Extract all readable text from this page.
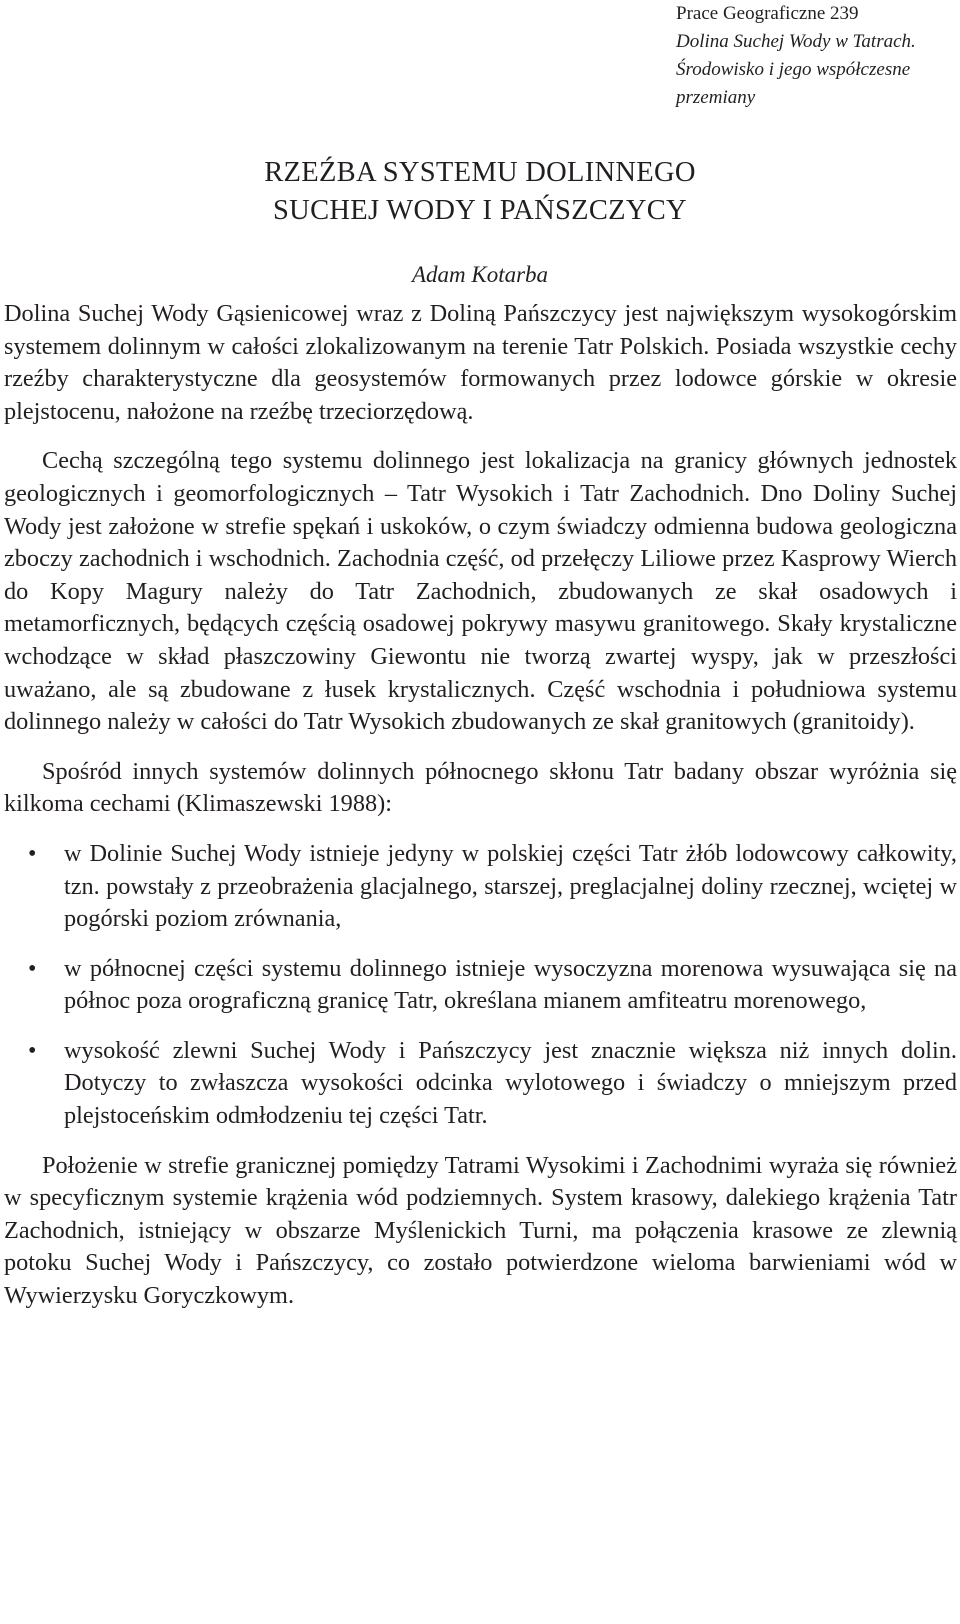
Prace Geograficzne 239
Dolina Suchej Wody w Tatrach.
Środowisko i jego współczesne
przemiany
RZEŹBA SYSTEMU DOLINNEGO
SUCHEJ WODY I PAŃSZCZYCY
Adam Kotarba

Dolina Suchej Wody Gąsienicowej wraz z Doliną Pańszczycy jest największym wysokogórskim systemem dolinnym w całości zlokalizowanym na terenie Tatr Polskich. Posiada wszystkie cechy rzeźby charakterystyczne dla geosystemów formowanych przez lodowce górskie w okresie plejstocenu, nałożone na rzeźbę trzeciorzędową.

Cechą szczególną tego systemu dolinnego jest lokalizacja na granicy głównych jednostek geologicznych i geomorfologicznych – Tatr Wysokich i Tatr Zachodnich. Dno Doliny Suchej Wody jest założone w strefie spękań i uskoków, o czym świadczy odmienna budowa geologiczna zboczy zachodnich i wschodnich. Zachodnia część, od przełęczy Liliowe przez Kasprowy Wierch do Kopy Magury należy do Tatr Zachodnich, zbudowanych ze skał osadowych i metamorficznych, będących częścią osadowej pokrywy masywu granitowego. Skały krystaliczne wchodzące w skład płaszczowiny Giewontu nie tworzą zwartej wyspy, jak w przeszłości uważano, ale są zbudowane z łusek krystalicznych. Część wschodnia i południowa systemu dolinnego należy w całości do Tatr Wysokich zbudowanych ze skał granitowych (granitoidy).

Spośród innych systemów dolinnych północnego skłonu Tatr badany obszar wyróżnia się kilkoma cechami (Klimaszewski 1988):

• w Dolinie Suchej Wody istnieje jedyny w polskiej części Tatr żłób lodowcowy całkowity, tzn. powstały z przeobrażenia glacjalnego, starszej, preglacjalnej doliny rzecznej, wciętej w pogórski poziom zrównania,
• w północnej części systemu dolinnego istnieje wysoczyzna morenowa wysuwająca się na północ poza orograficzną granicę Tatr, określana mianem amfiteatru morenowego,
• wysokość zlewni Suchej Wody i Pańszczycy jest znacznie większa niż innych dolin. Dotyczy to zwłaszcza wysokości odcinka wylotowego i świadczy o mniejszym przed plejstoceńskim odmłodzeniu tej części Tatr.

Położenie w strefie granicznej pomiędzy Tatrami Wysokimi i Zachodnimi wyraża się również w specyficznym systemie krążenia wód podziemnych. System krasowy, dalekiego krążenia Tatr Zachodnich, istniejący w obszarze Myślenickich Turni, ma połączenia krasowe ze zlewnią potoku Suchej Wody i Pańszczycy, co zostało potwierdzone wieloma barwieniami wód w Wywierzysku Goryczkowym.
